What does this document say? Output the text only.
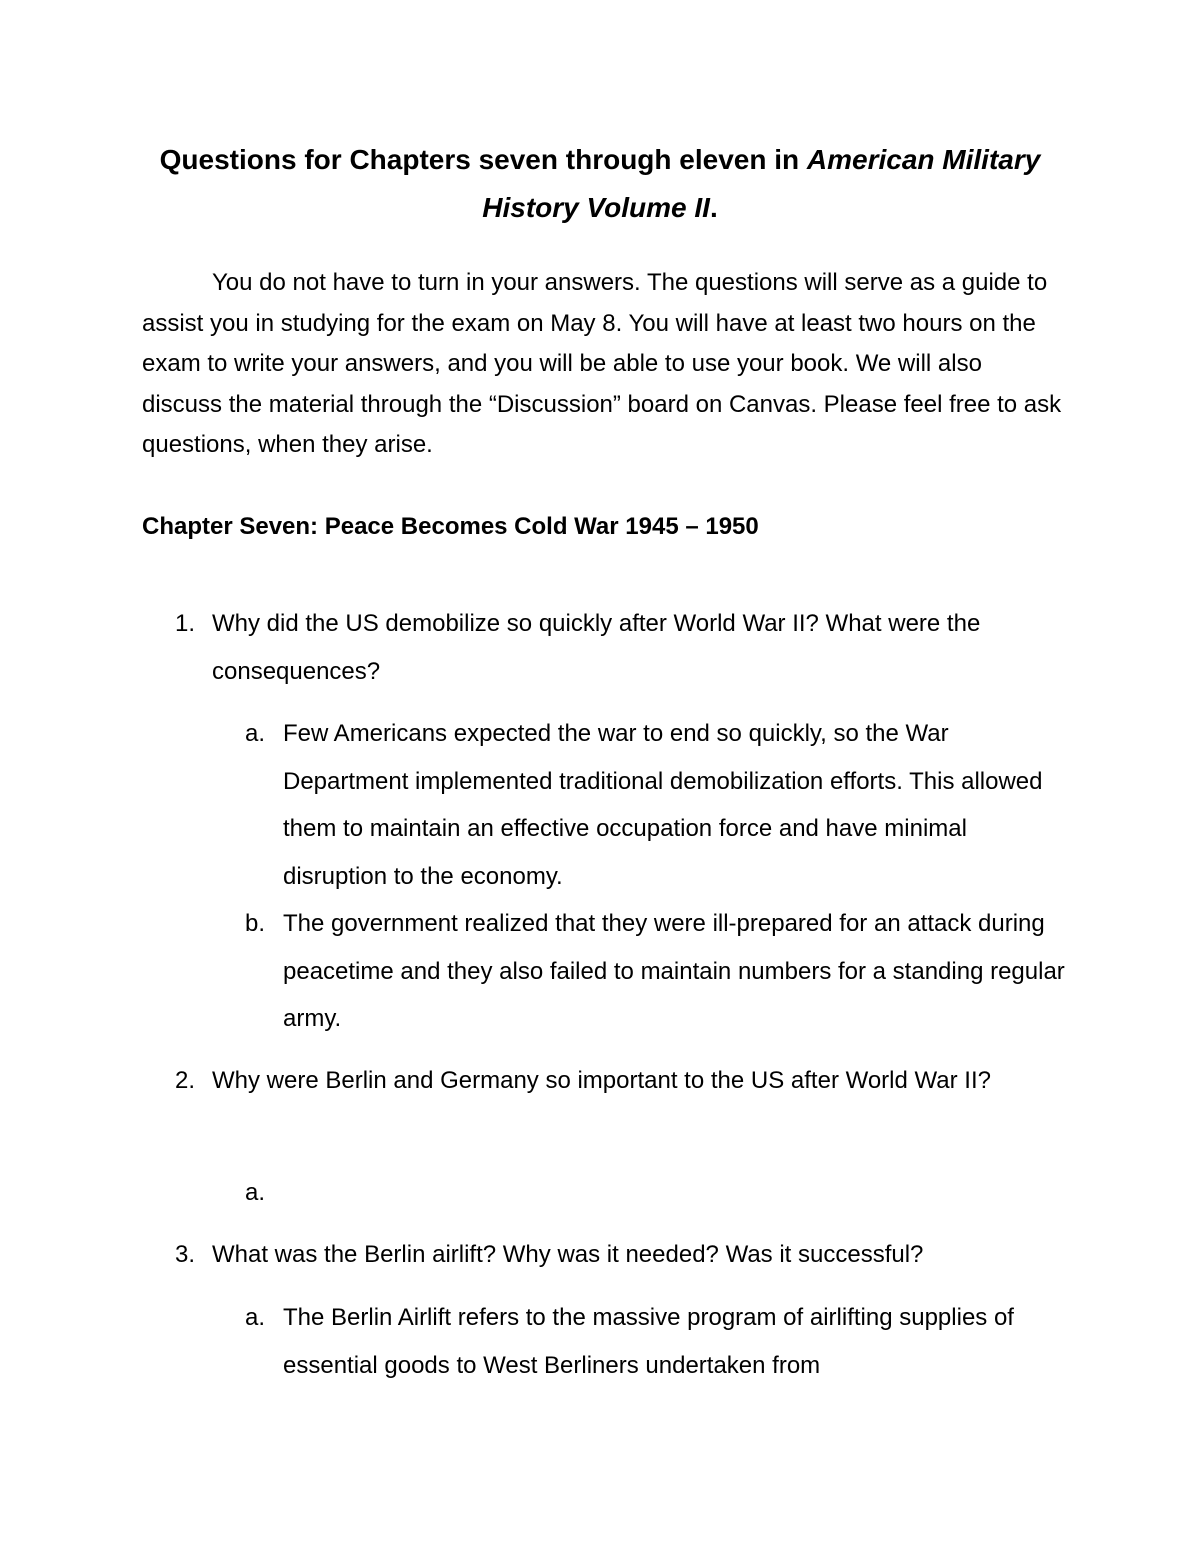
Questions for Chapters seven through eleven in American Military History Volume II.

You do not have to turn in your answers. The questions will serve as a guide to assist you in studying for the exam on May 8. You will have at least two hours on the exam to write your answers, and you will be able to use your book. We will also discuss the material through the “Discussion” board on Canvas. Please feel free to ask questions, when they arise.

Chapter Seven: Peace Becomes Cold War 1945 – 1950

1. Why did the US demobilize so quickly after World War II? What were the consequences?
a. Few Americans expected the war to end so quickly, so the War Department implemented traditional demobilization efforts. This allowed them to maintain an effective occupation force and have minimal disruption to the economy.
b. The government realized that they were ill-prepared for an attack during peacetime and they also failed to maintain numbers for a standing regular army.
2. Why were Berlin and Germany so important to the US after World War II?
a.
3. What was the Berlin airlift? Why was it needed? Was it successful?
a. The Berlin Airlift refers to the massive program of airlifting supplies of essential goods to West Berliners undertaken from
